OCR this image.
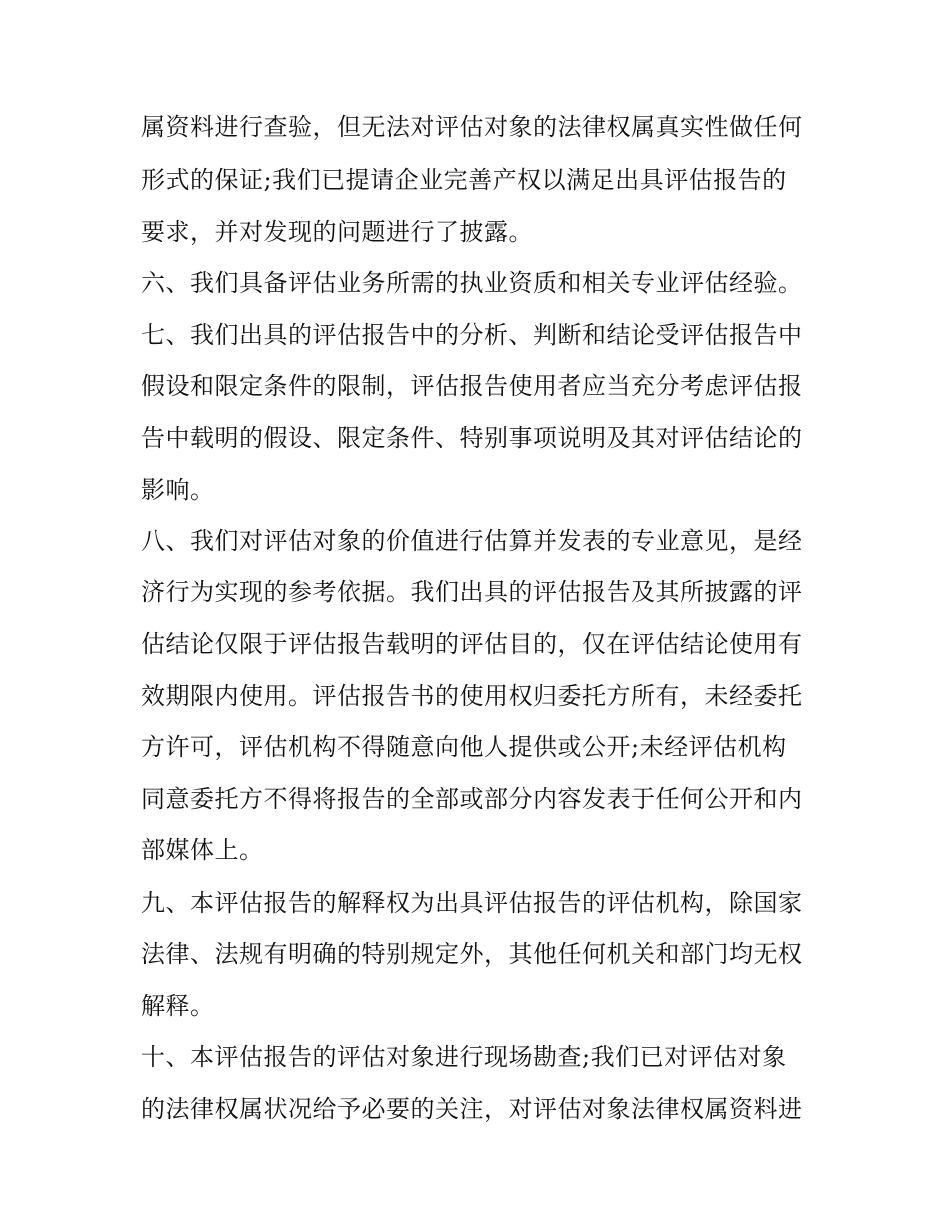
属资料进行查验，但无法对评估对象的法律权属真实性做任何
形式的保证;我们已提请企业完善产权以满足出具评估报告的
要求，并对发现的问题进行了披露。
六、我们具备评估业务所需的执业资质和相关专业评估经验。
七、我们出具的评估报告中的分析、判断和结论受评估报告中
假设和限定条件的限制，评估报告使用者应当充分考虑评估报
告中载明的假设、限定条件、特别事项说明及其对评估结论的
影响。
八、我们对评估对象的价值进行估算并发表的专业意见，是经
济行为实现的参考依据。我们出具的评估报告及其所披露的评
估结论仅限于评估报告载明的评估目的，仅在评估结论使用有
效期限内使用。评估报告书的使用权归委托方所有，未经委托
方许可，评估机构不得随意向他人提供或公开;未经评估机构
同意委托方不得将报告的全部或部分内容发表于任何公开和内
部媒体上。
九、本评估报告的解释权为出具评估报告的评估机构，除国家
法律、法规有明确的特别规定外，其他任何机关和部门均无权
解释。
十、本评估报告的评估对象进行现场勘查;我们已对评估对象
的法律权属状况给予必要的关注，对评估对象法律权属资料进
